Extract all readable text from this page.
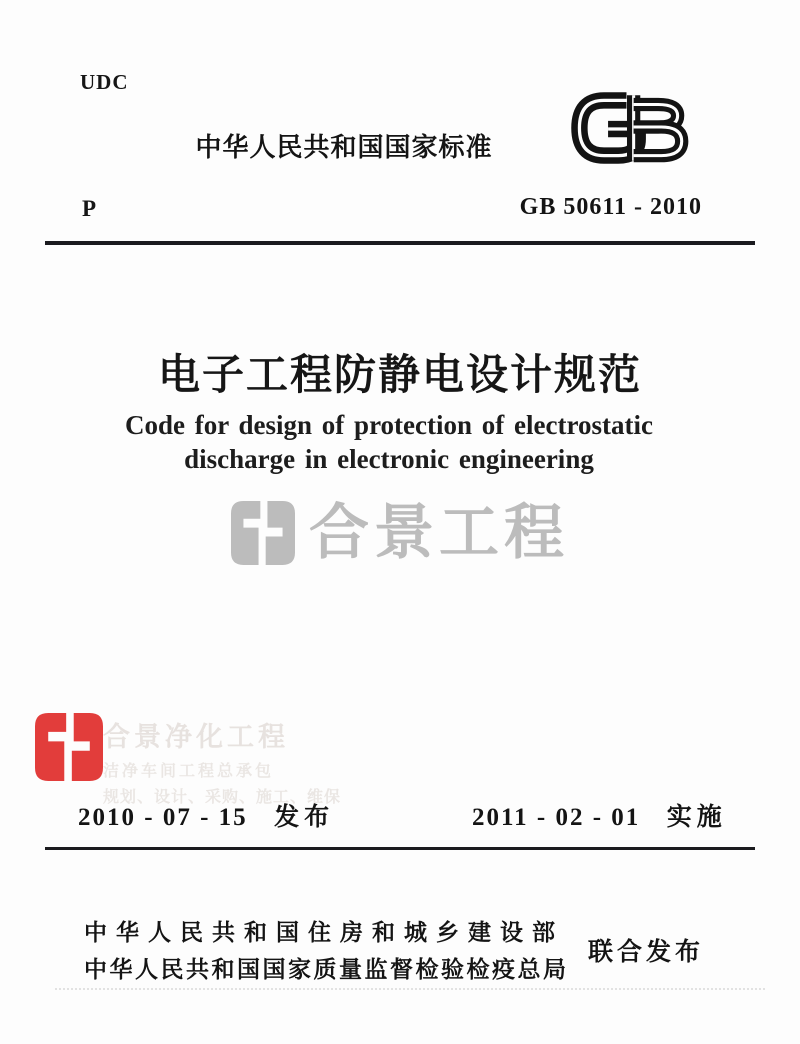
UDC
中华人民共和国国家标准
P	GB 50611 - 2010
电子工程防静电设计规范
Code for design of protection of electrostatic
discharge in electronic engineering
合景工程
合景净化工程
洁净车间工程总承包
规划、设计、采购、施工、维保
2010 - 07 - 15 发布	2011 - 02 - 01 实施
中华人民共和国住房和城乡建设部
中华人民共和国国家质量监督检验检疫总局
联合发布
